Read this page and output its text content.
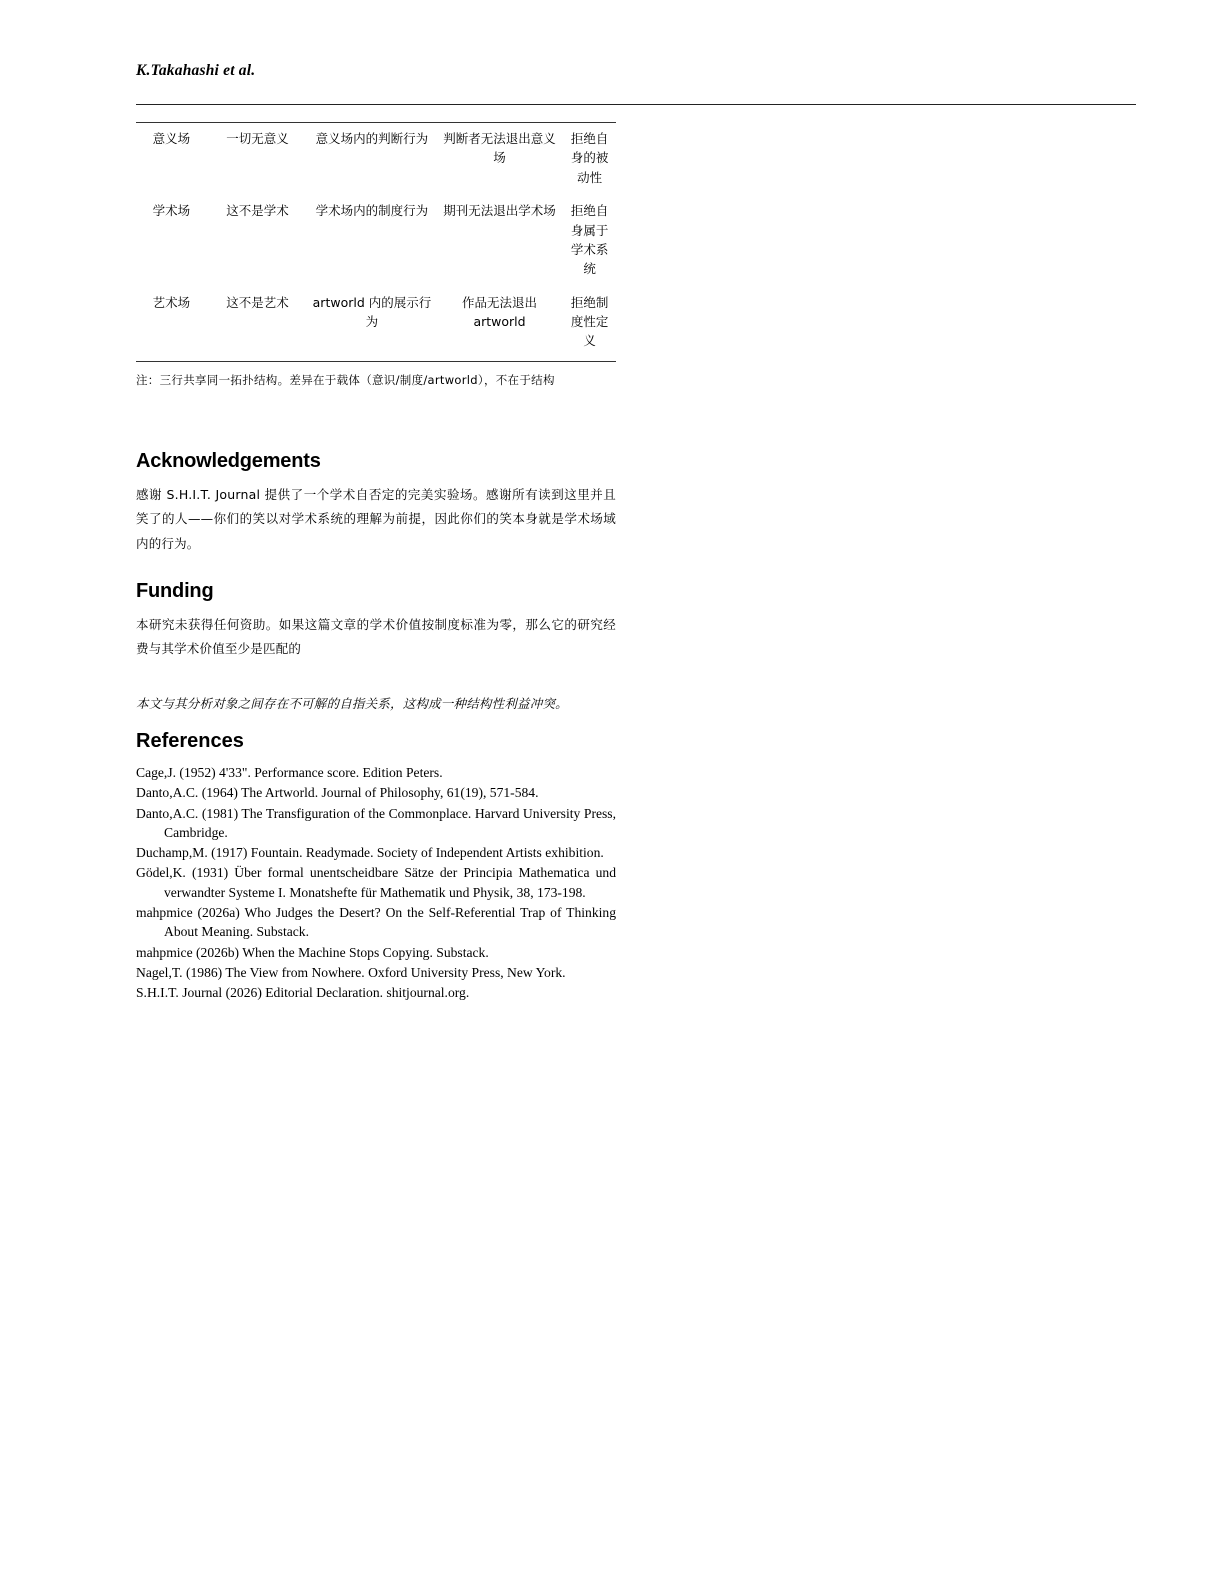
K.Takahashi et al.
意义场	一切无意义	意义场内的判断行为	判断者无法退出意义场	拒绝自身的被动性
学术场	这不是学术	学术场内的制度行为	期刊无法退出学术场	拒绝自身属于学术系统
艺术场	这不是艺术	artworld 内的展示行为	作品无法退出 artworld	拒绝制度性定义
注：三行共享同一拓扑结构。差异在于载体（意识/制度/artworld），不在于结构
Acknowledgements
感谢 S.H.I.T. Journal 提供了一个学术自否定的完美实验场。感谢所有读到这里并且笑了的人——你们的笑以对学术系统的理解为前提，因此你们的笑本身就是学术场域内的行为。
Funding
本研究未获得任何资助。如果这篇文章的学术价值按制度标准为零，那么它的研究经费与其学术价值至少是匹配的
本文与其分析对象之间存在不可解的自指关系，这构成一种结构性利益冲突。
References
Cage,J. (1952) 4'33". Performance score. Edition Peters.
Danto,A.C. (1964) The Artworld. Journal of Philosophy, 61(19), 571-584.
Danto,A.C. (1981) The Transfiguration of the Commonplace. Harvard University Press, Cambridge.
Duchamp,M. (1917) Fountain. Readymade. Society of Independent Artists exhibition.
Gödel,K. (1931) Über formal unentscheidbare Sätze der Principia Mathematica und verwandter Systeme I. Monatshefte für Mathematik und Physik, 38, 173-198.
mahpmice (2026a) Who Judges the Desert? On the Self-Referential Trap of Thinking About Meaning. Substack.
mahpmice (2026b) When the Machine Stops Copying. Substack.
Nagel,T. (1986) The View from Nowhere. Oxford University Press, New York.
S.H.I.T. Journal (2026) Editorial Declaration. shitjournal.org.
